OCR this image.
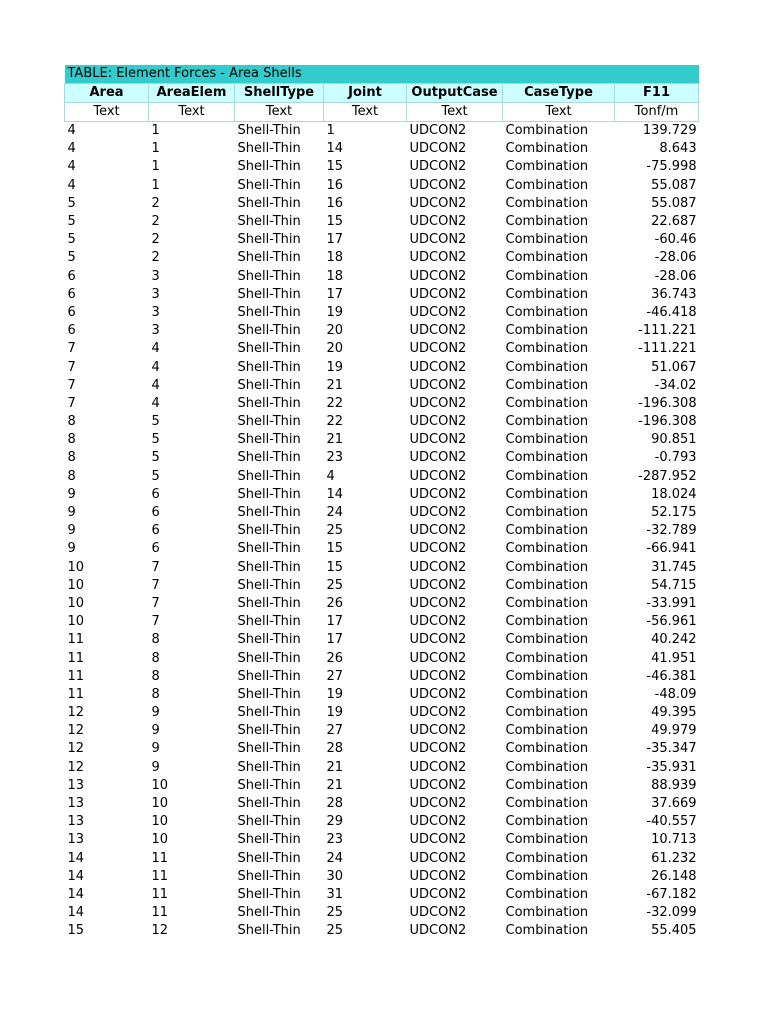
TABLE: Element Forces - Area Shells						
Area	AreaElem	ShellType	Joint	OutputCase	CaseType	F11
Text	Text	Text	Text	Text	Text	Tonf/m
4	1	Shell-Thin	1	UDCON2	Combination	139.729
4	1	Shell-Thin	14	UDCON2	Combination	8.643
4	1	Shell-Thin	15	UDCON2	Combination	-75.998
4	1	Shell-Thin	16	UDCON2	Combination	55.087
5	2	Shell-Thin	16	UDCON2	Combination	55.087
5	2	Shell-Thin	15	UDCON2	Combination	22.687
5	2	Shell-Thin	17	UDCON2	Combination	-60.46
5	2	Shell-Thin	18	UDCON2	Combination	-28.06
6	3	Shell-Thin	18	UDCON2	Combination	-28.06
6	3	Shell-Thin	17	UDCON2	Combination	36.743
6	3	Shell-Thin	19	UDCON2	Combination	-46.418
6	3	Shell-Thin	20	UDCON2	Combination	-111.221
7	4	Shell-Thin	20	UDCON2	Combination	-111.221
7	4	Shell-Thin	19	UDCON2	Combination	51.067
7	4	Shell-Thin	21	UDCON2	Combination	-34.02
7	4	Shell-Thin	22	UDCON2	Combination	-196.308
8	5	Shell-Thin	22	UDCON2	Combination	-196.308
8	5	Shell-Thin	21	UDCON2	Combination	90.851
8	5	Shell-Thin	23	UDCON2	Combination	-0.793
8	5	Shell-Thin	4	UDCON2	Combination	-287.952
9	6	Shell-Thin	14	UDCON2	Combination	18.024
9	6	Shell-Thin	24	UDCON2	Combination	52.175
9	6	Shell-Thin	25	UDCON2	Combination	-32.789
9	6	Shell-Thin	15	UDCON2	Combination	-66.941
10	7	Shell-Thin	15	UDCON2	Combination	31.745
10	7	Shell-Thin	25	UDCON2	Combination	54.715
10	7	Shell-Thin	26	UDCON2	Combination	-33.991
10	7	Shell-Thin	17	UDCON2	Combination	-56.961
11	8	Shell-Thin	17	UDCON2	Combination	40.242
11	8	Shell-Thin	26	UDCON2	Combination	41.951
11	8	Shell-Thin	27	UDCON2	Combination	-46.381
11	8	Shell-Thin	19	UDCON2	Combination	-48.09
12	9	Shell-Thin	19	UDCON2	Combination	49.395
12	9	Shell-Thin	27	UDCON2	Combination	49.979
12	9	Shell-Thin	28	UDCON2	Combination	-35.347
12	9	Shell-Thin	21	UDCON2	Combination	-35.931
13	10	Shell-Thin	21	UDCON2	Combination	88.939
13	10	Shell-Thin	28	UDCON2	Combination	37.669
13	10	Shell-Thin	29	UDCON2	Combination	-40.557
13	10	Shell-Thin	23	UDCON2	Combination	10.713
14	11	Shell-Thin	24	UDCON2	Combination	61.232
14	11	Shell-Thin	30	UDCON2	Combination	26.148
14	11	Shell-Thin	31	UDCON2	Combination	-67.182
14	11	Shell-Thin	25	UDCON2	Combination	-32.099
15	12	Shell-Thin	25	UDCON2	Combination	55.405
